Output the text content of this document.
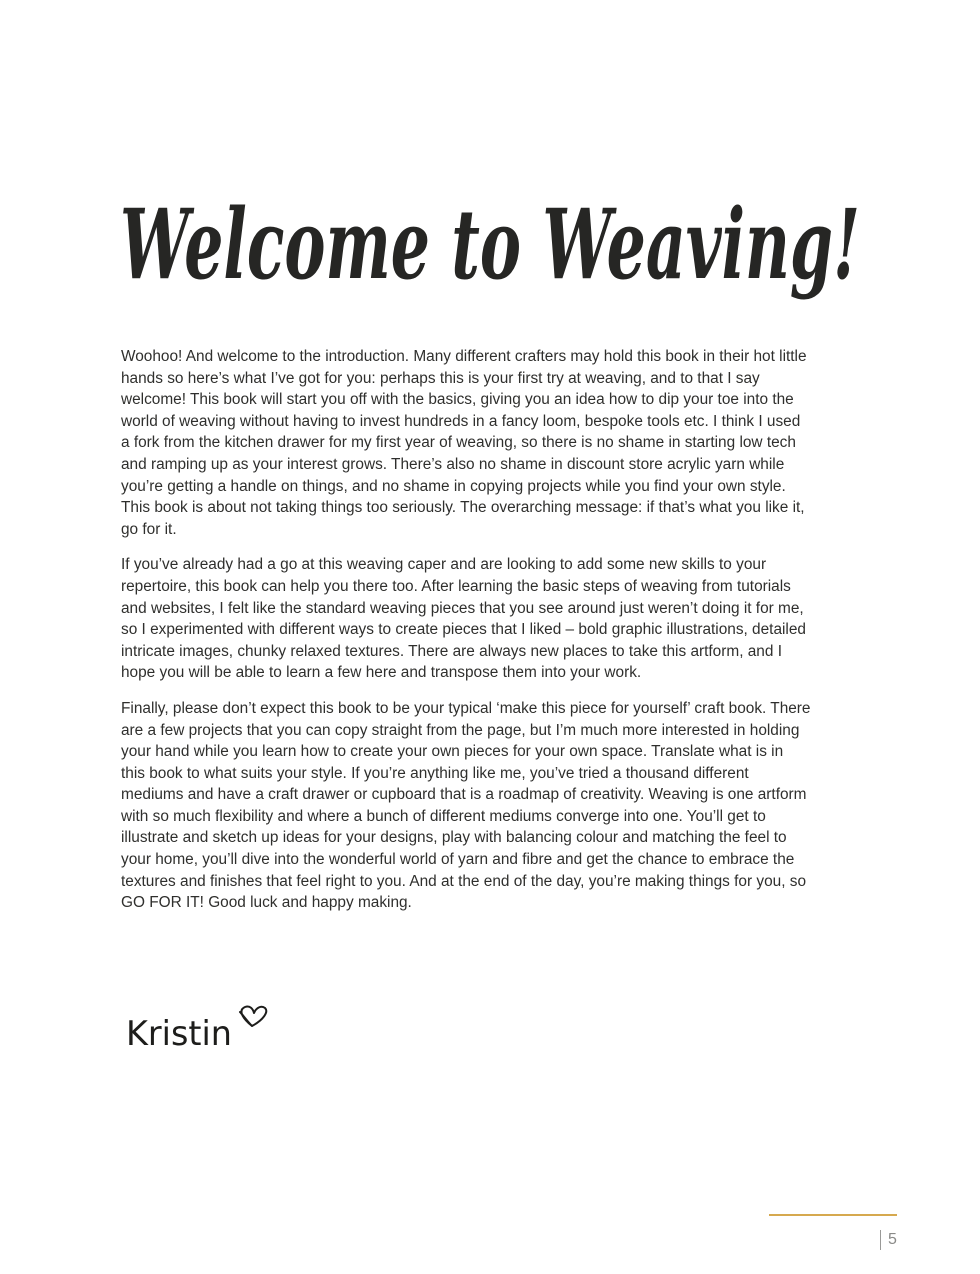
Welcome to Weaving!

Woohoo! And welcome to the introduction. Many different crafters may hold this book in their hot little hands so here’s what I’ve got for you: perhaps this is your first try at weaving, and to that I say welcome! This book will start you off with the basics, giving you an idea how to dip your toe into the world of weaving without having to invest hundreds in a fancy loom, bespoke tools etc. I think I used a fork from the kitchen drawer for my first year of weaving, so there is no shame in starting low tech and ramping up as your interest grows. There’s also no shame in discount store acrylic yarn while you’re getting a handle on things, and no shame in copying projects while you find your own style. This book is about not taking things too seriously. The overarching message: if that’s what you like it, go for it.

If you’ve already had a go at this weaving caper and are looking to add some new skills to your repertoire, this book can help you there too. After learning the basic steps of weaving from tutorials and websites, I felt like the standard weaving pieces that you see around just weren’t doing it for me, so I experimented with different ways to create pieces that I liked – bold graphic illustrations, detailed intricate images, chunky relaxed textures. There are always new places to take this artform, and I hope you will be able to learn a few here and transpose them into your work.

Finally, please don’t expect this book to be your typical ‘make this piece for yourself’ craft book. There are a few projects that you can copy straight from the page, but I’m much more interested in holding your hand while you learn how to create your own pieces for your own space. Translate what is in this book to what suits your style. If you’re anything like me, you’ve tried a thousand different mediums and have a craft drawer or cupboard that is a roadmap of creativity. Weaving is one artform with so much flexibility and where a bunch of different mediums converge into one. You’ll get to illustrate and sketch up ideas for your designs, play with balancing colour and matching the feel to your home, you’ll dive into the wonderful world of yarn and fibre and get the chance to embrace the textures and finishes that feel right to you. And at the end of the day, you’re making things for you, so GO FOR IT! Good luck and happy making.

Kristin
5
